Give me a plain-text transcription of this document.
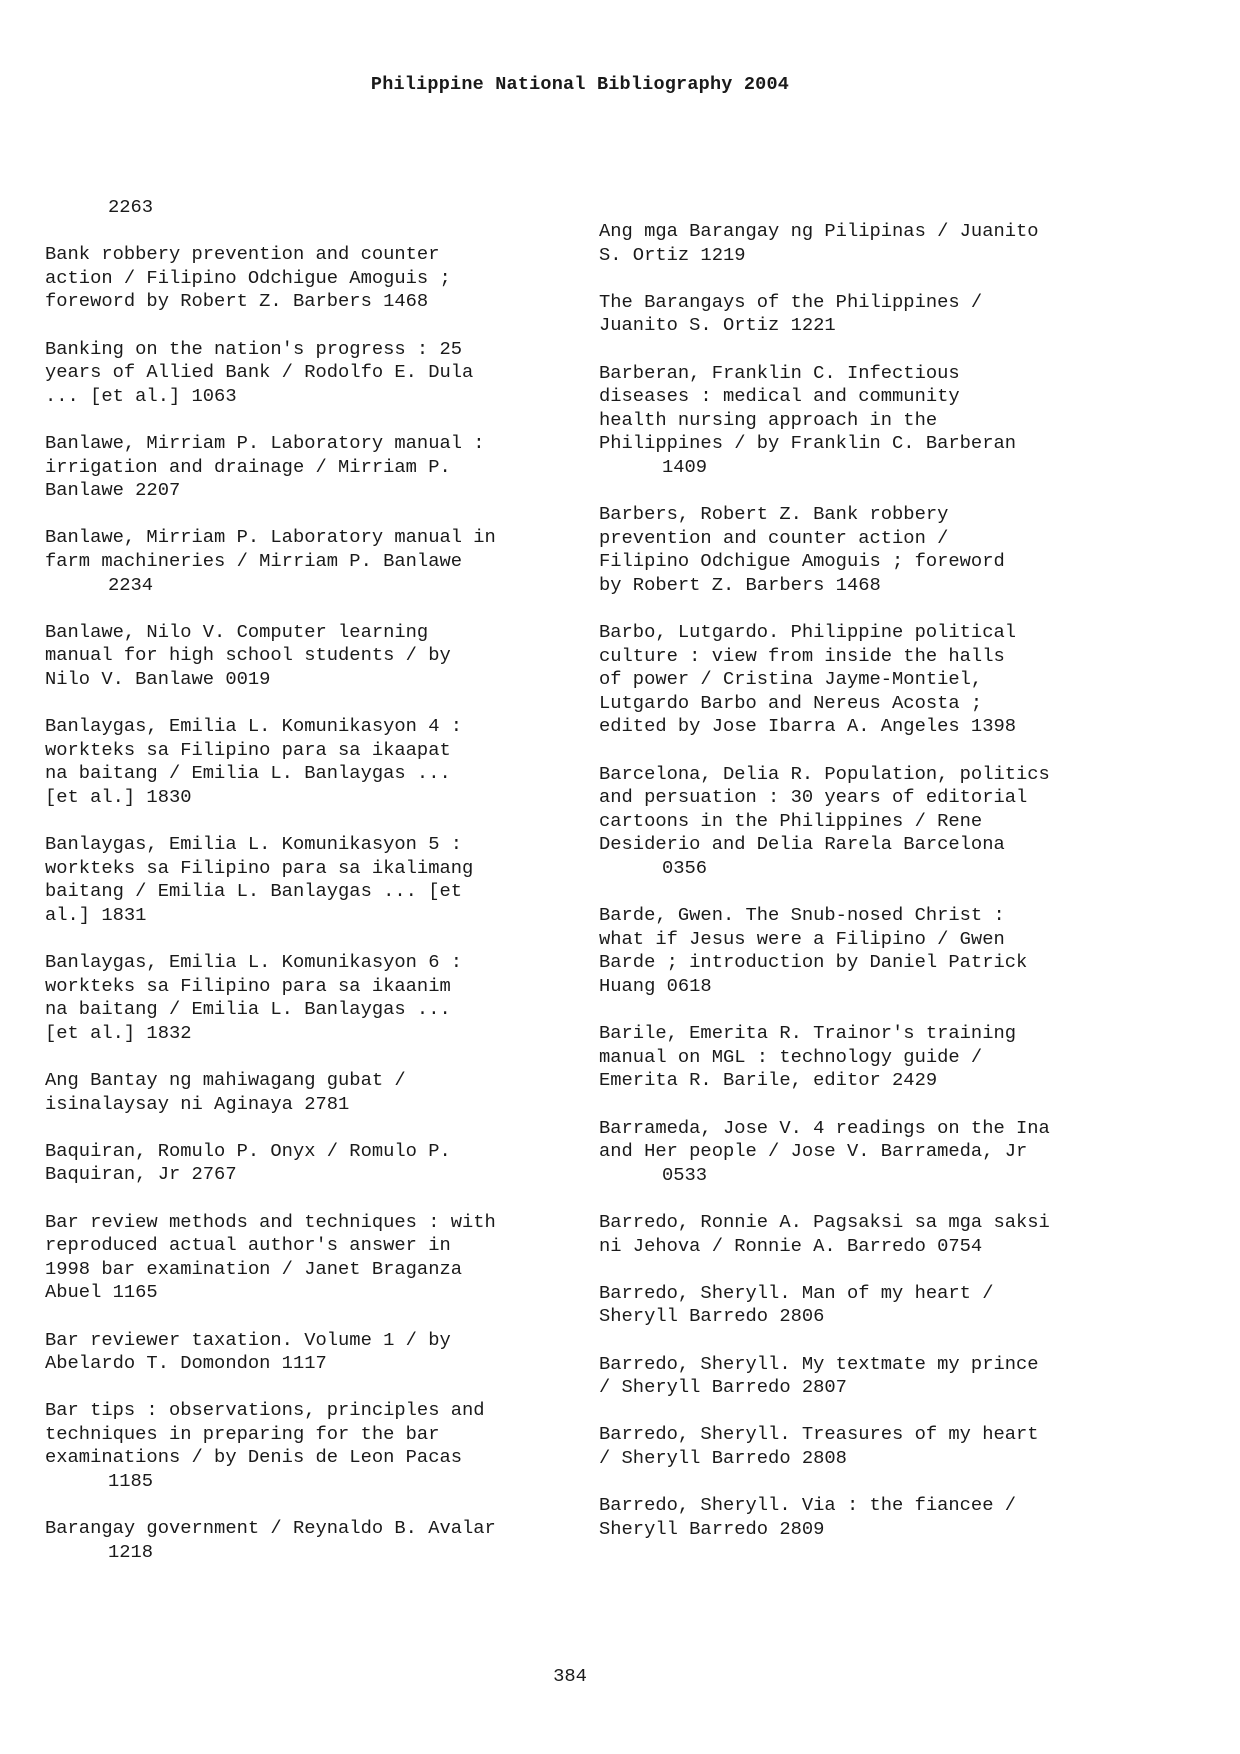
Philippine National Bibliography 2004
2263
Bank robbery prevention and counter
action / Filipino Odchigue Amoguis ;
foreword by Robert Z. Barbers 1468
Banking on the nation's progress : 25
years of Allied Bank / Rodolfo E. Dula
... [et al.] 1063
Banlawe, Mirriam P. Laboratory manual :
irrigation and drainage / Mirriam P.
Banlawe 2207
Banlawe, Mirriam P. Laboratory manual in
farm machineries / Mirriam P. Banlawe
2234
Banlawe, Nilo V. Computer learning
manual for high school students / by
Nilo V. Banlawe 0019
Banlaygas, Emilia L. Komunikasyon 4 :
workteks sa Filipino para sa ikaapat
na baitang / Emilia L. Banlaygas ...
[et al.] 1830
Banlaygas, Emilia L. Komunikasyon 5 :
workteks sa Filipino para sa ikalimang
baitang / Emilia L. Banlaygas ... [et
al.] 1831
Banlaygas, Emilia L. Komunikasyon 6 :
workteks sa Filipino para sa ikaanim
na baitang / Emilia L. Banlaygas ...
[et al.] 1832
Ang Bantay ng mahiwagang gubat /
isinalaysay ni Aginaya 2781
Baquiran, Romulo P. Onyx / Romulo P.
Baquiran, Jr 2767
Bar review methods and techniques : with
reproduced actual author's answer in
1998 bar examination / Janet Braganza
Abuel 1165
Bar reviewer taxation. Volume 1 / by
Abelardo T. Domondon 1117
Bar tips : observations, principles and
techniques in preparing for the bar
examinations / by Denis de Leon Pacas
1185
Barangay government / Reynaldo B. Avalar
1218
Ang mga Barangay ng Pilipinas / Juanito
S. Ortiz 1219
The Barangays of the Philippines /
Juanito S. Ortiz 1221
Barberan, Franklin C. Infectious
diseases : medical and community
health nursing approach in the
Philippines / by Franklin C. Barberan
1409
Barbers, Robert Z. Bank robbery
prevention and counter action /
Filipino Odchigue Amoguis ; foreword
by Robert Z. Barbers 1468
Barbo, Lutgardo. Philippine political
culture : view from inside the halls
of power / Cristina Jayme-Montiel,
Lutgardo Barbo and Nereus Acosta ;
edited by Jose Ibarra A. Angeles 1398
Barcelona, Delia R. Population, politics
and persuation : 30 years of editorial
cartoons in the Philippines / Rene
Desiderio and Delia Rarela Barcelona
0356
Barde, Gwen. The Snub-nosed Christ :
what if Jesus were a Filipino / Gwen
Barde ; introduction by Daniel Patrick
Huang 0618
Barile, Emerita R. Trainor's training
manual on MGL : technology guide /
Emerita R. Barile, editor 2429
Barrameda, Jose V. 4 readings on the Ina
and Her people / Jose V. Barrameda, Jr
0533
Barredo, Ronnie A. Pagsaksi sa mga saksi
ni Jehova / Ronnie A. Barredo 0754
Barredo, Sheryll. Man of my heart /
Sheryll Barredo 2806
Barredo, Sheryll. My textmate my prince
/ Sheryll Barredo 2807
Barredo, Sheryll. Treasures of my heart
/ Sheryll Barredo 2808
Barredo, Sheryll. Via : the fiancee /
Sheryll Barredo 2809
384
